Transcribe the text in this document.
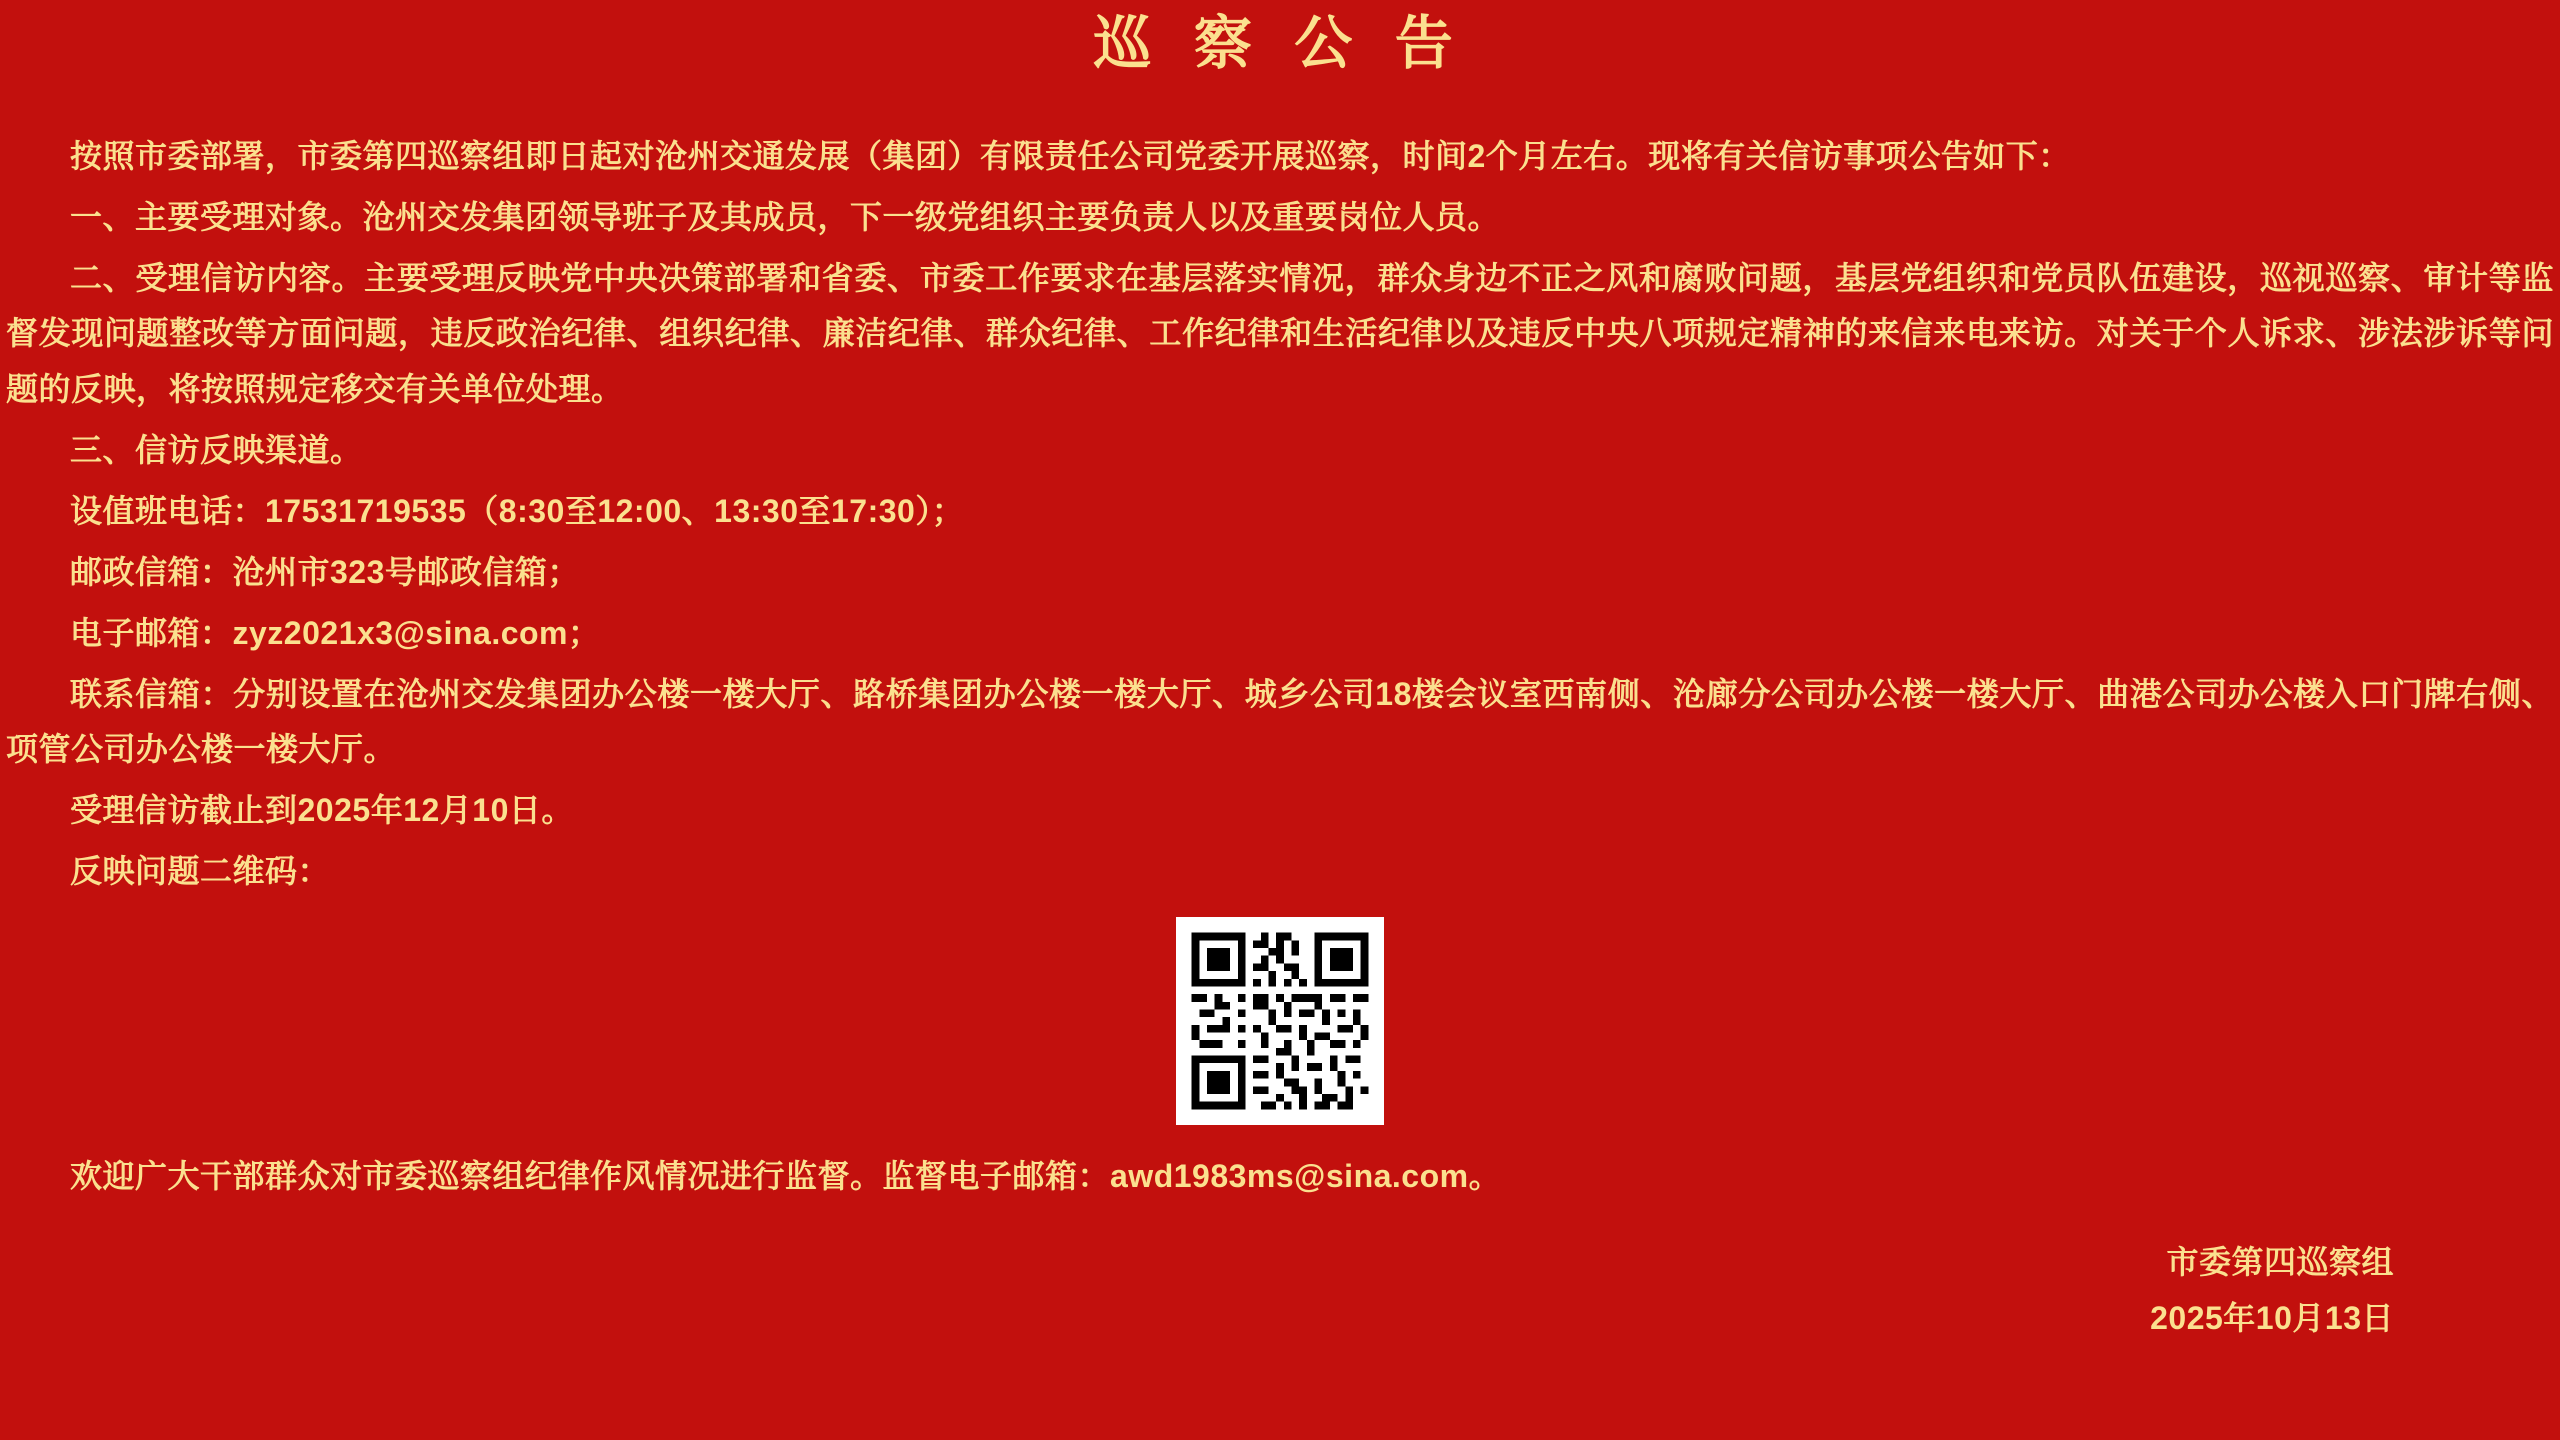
巡 察 公 告

按照市委部署，市委第四巡察组即日起对沧州交通发展（集团）有限责任公司党委开展巡察，时间2个月左右。现将有关信访事项公告如下：

一、主要受理对象。沧州交发集团领导班子及其成员，下一级党组织主要负责人以及重要岗位人员。

二、受理信访内容。主要受理反映党中央决策部署和省委、市委工作要求在基层落实情况，群众身边不正之风和腐败问题，基层党组织和党员队伍建设，巡视巡察、审计等监督发现问题整改等方面问题，违反政治纪律、组织纪律、廉洁纪律、群众纪律、工作纪律和生活纪律以及违反中央八项规定精神的来信来电来访。对关于个人诉求、涉法涉诉等问题的反映，将按照规定移交有关单位处理。

三、信访反映渠道。

设值班电话：17531719535（8:30至12:00、13:30至17:30）；

邮政信箱：沧州市323号邮政信箱；

电子邮箱：zyz2021x3@sina.com；

联系信箱：分别设置在沧州交发集团办公楼一楼大厅、路桥集团办公楼一楼大厅、城乡公司18楼会议室西南侧、沧廊分公司办公楼一楼大厅、曲港公司办公楼入口门牌右侧、项管公司办公楼一楼大厅。

受理信访截止到2025年12月10日。

反映问题二维码：

欢迎广大干部群众对市委巡察组纪律作风情况进行监督。监督电子邮箱：awd1983ms@sina.com。

市委第四巡察组
2025年10月13日
